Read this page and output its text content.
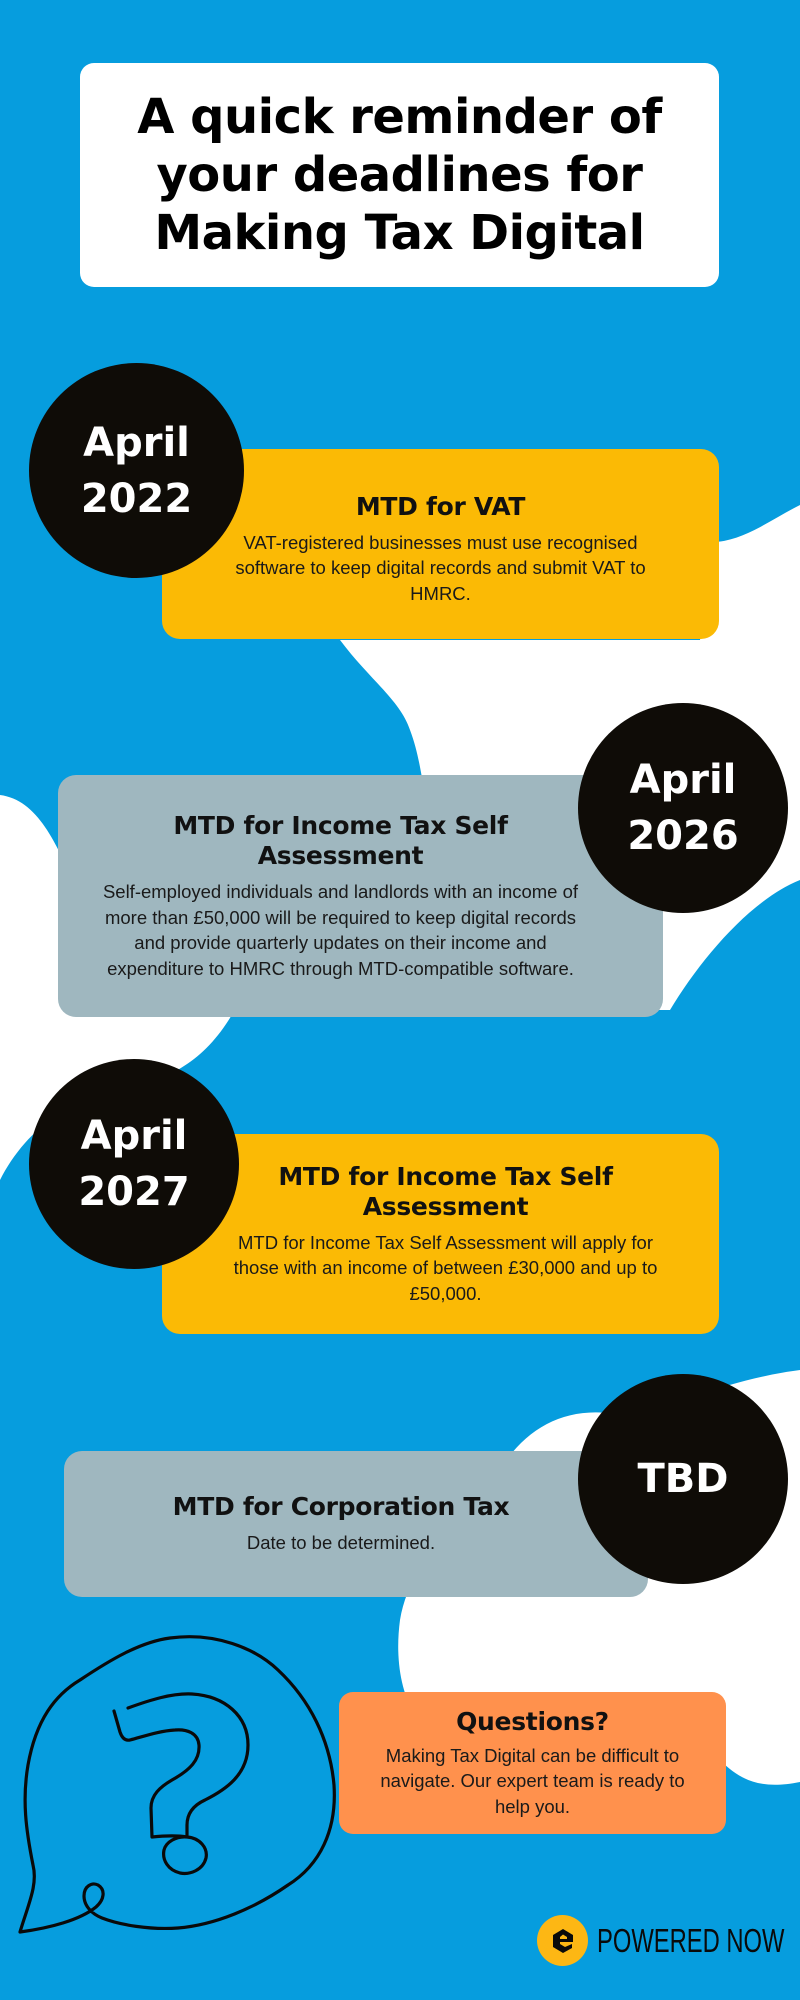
A quick reminder of
your deadlines for
Making Tax Digital
MTD for VAT

VAT-registered businesses must use recognised software to keep digital records and submit VAT to HMRC.

April
2022
MTD for Income Tax Self Assessment

Self-employed individuals and landlords with an income of more than £50,000 will be required to keep digital records and provide quarterly updates on their income and expenditure to HMRC through MTD-compatible software.

April
2026
MTD for Income Tax Self Assessment

MTD for Income Tax Self Assessment will apply for those with an income of between £30,000 and up to £50,000.

April
2027
MTD for Corporation Tax

Date to be determined.

TBD
Questions?

Making Tax Digital can be difficult to navigate. Our expert team is ready to help you.

POWERED NOW
